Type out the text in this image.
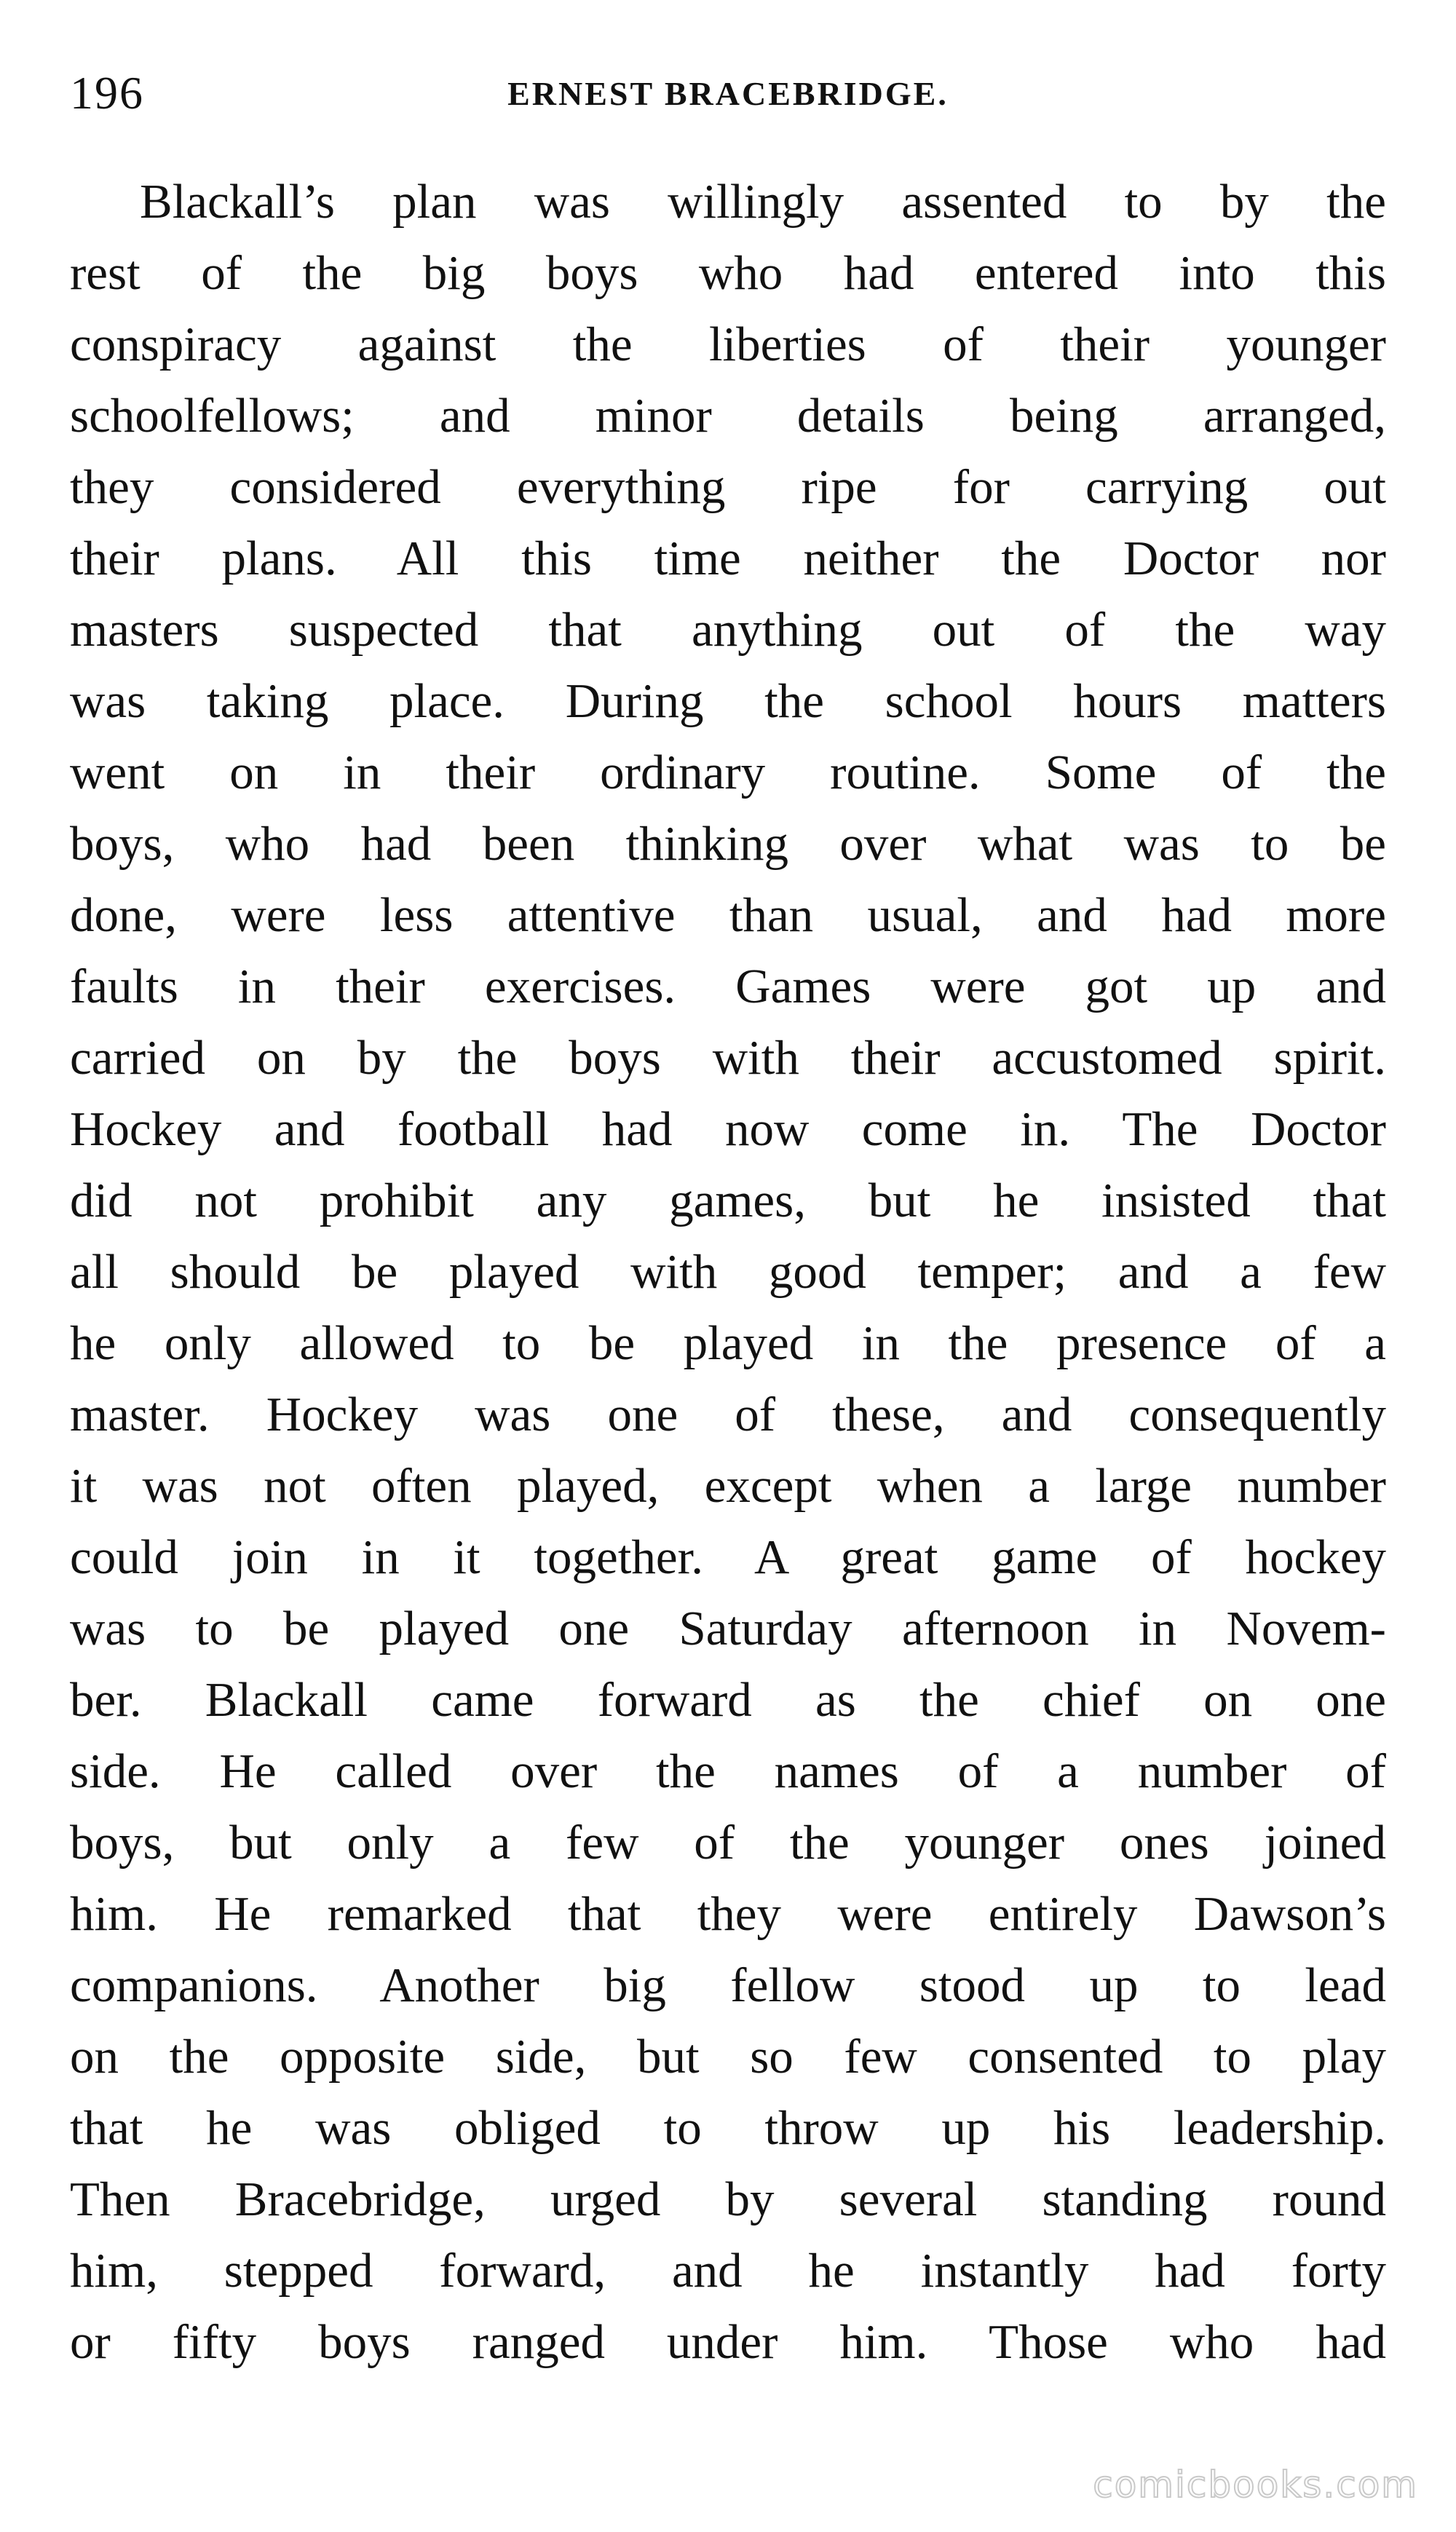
196	ERNEST BRACEBRIDGE.
Blackall’s plan was willingly assented to by the
rest of the big boys who had entered into this
conspiracy against the liberties of their younger
schoolfellows; and minor details being arranged,
they considered everything ripe for carrying out
their plans. All this time neither the Doctor nor
masters suspected that anything out of the way
was taking place. During the school hours matters
went on in their ordinary routine. Some of the
boys, who had been thinking over what was to be
done, were less attentive than usual, and had more
faults in their exercises. Games were got up and
carried on by the boys with their accustomed spirit.
Hockey and football had now come in. The Doctor
did not prohibit any games, but he insisted that
all should be played with good temper; and a few
he only allowed to be played in the presence of a
master. Hockey was one of these, and consequently
it was not often played, except when a large number
could join in it together. A great game of hockey
was to be played one Saturday afternoon in Novem-
ber. Blackall came forward as the chief on one
side. He called over the names of a number of
boys, but only a few of the younger ones joined
him. He remarked that they were entirely Dawson’s
companions. Another big fellow stood up to lead
on the opposite side, but so few consented to play
that he was obliged to throw up his leadership.
Then Bracebridge, urged by several standing round
him, stepped forward, and he instantly had forty
or fifty boys ranged under him. Those who had
comicbooks.com
